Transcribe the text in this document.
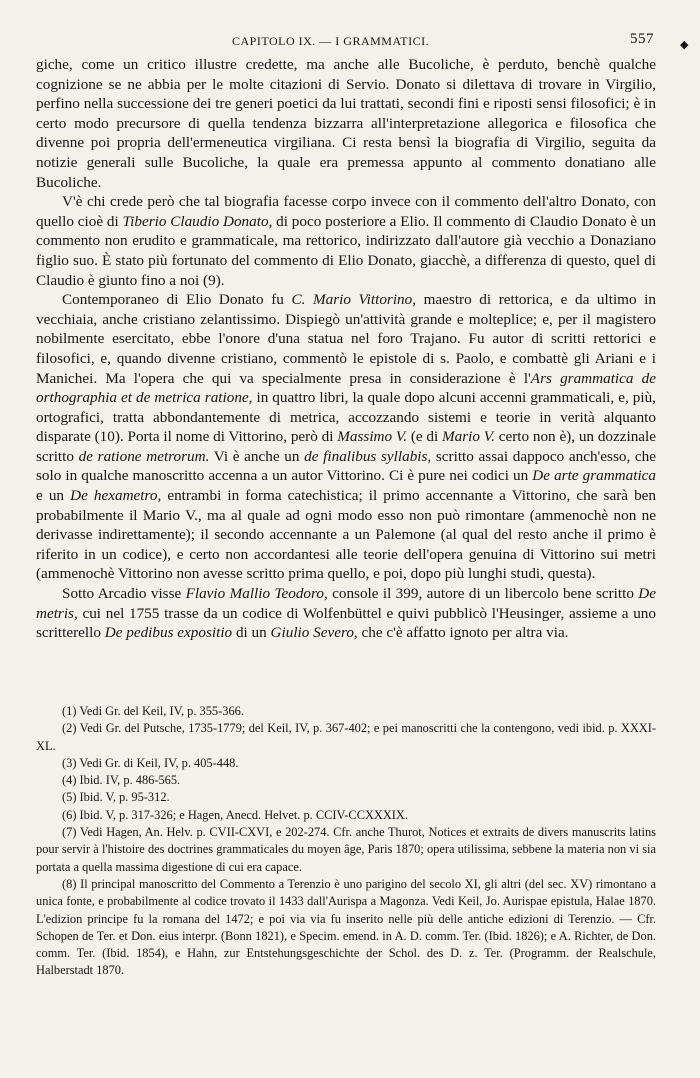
CAPITOLO IX. — I GRAMMATICI.	557 ◆

giche, come un critico illustre credette, ma anche alle Bucoliche, è perduto, benchè qualche cognizione se ne abbia per le molte citazioni di Servio. Donato si dilettava di trovare in Virgilio, perfino nella successione dei tre generi poetici da lui trattati, secondi fini e riposti sensi filosofici; è in certo modo precursore di quella tendenza bizzarra all'interpretazione allegorica e filosofica che divenne poi propria dell'ermeneutica virgiliana. Ci resta bensì la biografia di Virgilio, seguita da notizie generali sulle Bucoliche, la quale era premessa appunto al commento donatiano alle Bucoliche.

V'è chi crede però che tal biografia facesse corpo invece con il commento dell'altro Donato, con quello cioè di Tiberio Claudio Donato, di poco posteriore a Elio. Il commento di Claudio Donato è un commento non erudito e grammaticale, ma rettorico, indirizzato dall'autore già vecchio a Donaziano figlio suo. È stato più fortunato del commento di Elio Donato, giacchè, a differenza di questo, quel di Claudio è giunto fino a noi (9).

Contemporaneo di Elio Donato fu C. Mario Vittorino, maestro di rettorica, e da ultimo in vecchiaia, anche cristiano zelantissimo. Dispiegò un'attività grande e molteplice; e, per il magistero nobilmente esercitato, ebbe l'onore d'una statua nel foro Trajano. Fu autor di scritti rettorici e filosofici, e, quando divenne cristiano, commentò le epistole di s. Paolo, e combattè gli Ariani e i Manichei. Ma l'opera che qui va specialmente presa in considerazione è l'Ars grammatica de orthographia et de metrica ratione, in quattro libri, la quale dopo alcuni accenni grammaticali, e, più, ortografici, tratta abbondantemente di metrica, accozzando sistemi e teorie in verità alquanto disparate (10). Porta il nome di Vittorino, però di Massimo V. (e di Mario V. certo non è), un dozzinale scritto de ratione metrorum. Vi è anche un de finalibus syllabis, scritto assai dappoco anch'esso, che solo in qualche manoscritto accenna a un autor Vittorino. Ci è pure nei codici un De arte grammatica e un De hexametro, entrambi in forma catechistica; il primo accennante a Vittorino, che sarà ben probabilmente il Mario V., ma al quale ad ogni modo esso non può rimontare (ammenochè non ne derivasse indirettamente); il secondo accennante a un Palemone (al qual del resto anche il primo è riferito in un codice), e certo non accordantesi alle teorie dell'opera genuina di Vittorino sui metri (ammenochè Vittorino non avesse scritto prima quello, e poi, dopo più lunghi studi, questa).

Sotto Arcadio visse Flavio Mallio Teodoro, console il 399, autore di un libercolo bene scritto De metris, cui nel 1755 trasse da un codice di Wolfenbüttel e quivi pubblicò l'Heusinger, assieme a uno scritterello De pedibus expositio di un Giulio Severo, che c'è affatto ignoto per altra via.

(1) Vedi Gr. del Keil, IV, p. 355-366.

(2) Vedi Gr. del Putsche, 1735-1779; del Keil, IV, p. 367-402; e pei manoscritti che la contengono, vedi ibid. p. XXXI-XL.

(3) Vedi Gr. di Keil, IV, p. 405-448.

(4) Ibid. IV, p. 486-565.

(5) Ibid. V, p. 95-312.

(6) Ibid. V, p. 317-326; e Hagen, Anecd. Helvet. p. CCIV-CCXXXIX.

(7) Vedi Hagen, An. Helv. p. CVII-CXVI, e 202-274. Cfr. anche Thurot, Notices et extraits de divers manuscrits latins pour servir à l'histoire des doctrines grammaticales du moyen âge, Paris 1870; opera utilissima, sebbene la materia non vi sia portata a quella massima digestione di cui era capace.

(8) Il principal manoscritto del Commento a Terenzio è uno parigino del secolo XI, gli altri (del sec. XV) rimontano a unica fonte, e probabilmente al codice trovato il 1433 dall'Aurispa a Magonza. Vedi Keil, Jo. Aurispae epistula, Halae 1870. L'edizion principe fu la romana del 1472; e poi via via fu inserito nelle più delle antiche edizioni di Terenzio. — Cfr. Schopen de Ter. et Don. eius interpr. (Bonn 1821), e Specim. emend. in A. D. comm. Ter. (Ibid. 1826); e A. Richter, de Don. comm. Ter. (Ibid. 1854), e Hahn, zur Entstehungsgeschichte der Schol. des D. z. Ter. (Programm. der Realschule, Halberstadt 1870.
